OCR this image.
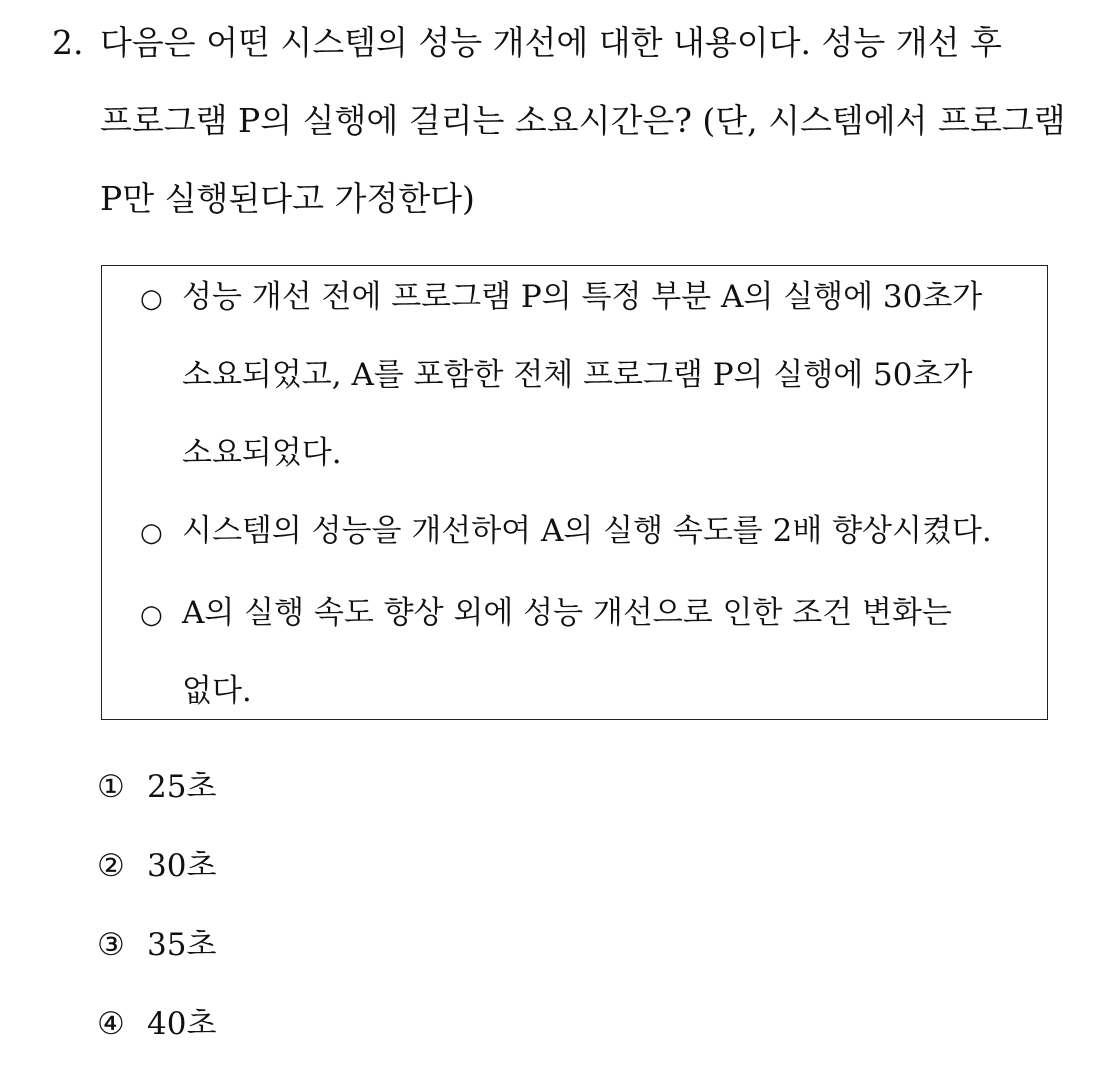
2. 다음은 어떤 시스템의 성능 개선에 대한 내용이다. 성능 개선 후
프로그램 P의 실행에 걸리는 소요시간은? (단, 시스템에서 프로그램
P만 실행된다고 가정한다)
○ 성능 개선 전에 프로그램 P의 특정 부분 A의 실행에 30초가
소요되었고, A를 포함한 전체 프로그램 P의 실행에 50초가
소요되었다.
○ 시스템의 성능을 개선하여 A의 실행 속도를 2배 향상시켰다.
○ A의 실행 속도 향상 외에 성능 개선으로 인한 조건 변화는
없다.
① 25초
② 30초
③ 35초
④ 40초
